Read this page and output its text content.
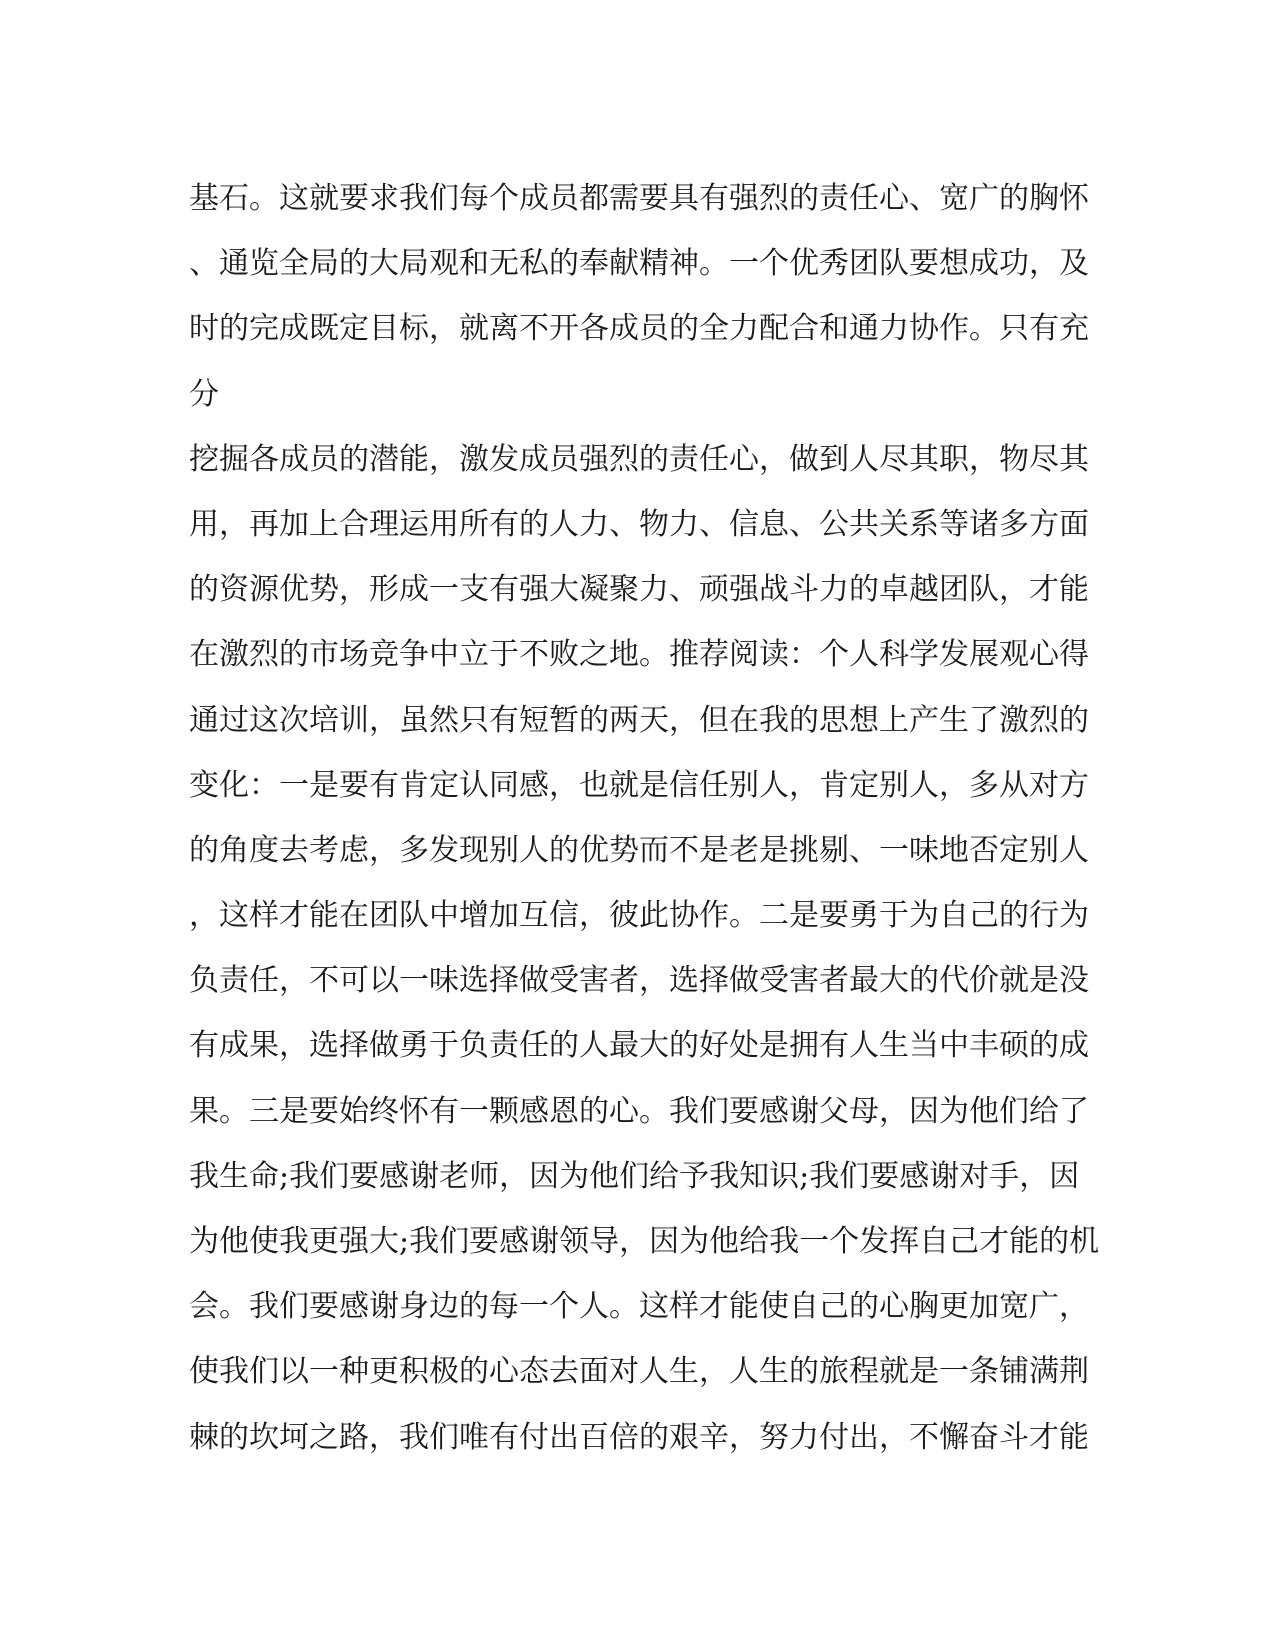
基石。这就要求我们每个成员都需要具有强烈的责任心、宽广的胸怀
、通览全局的大局观和无私的奉献精神。一个优秀团队要想成功，及
时的完成既定目标，就离不开各成员的全力配合和通力协作。只有充
分
挖掘各成员的潜能，激发成员强烈的责任心，做到人尽其职，物尽其
用，再加上合理运用所有的人力、物力、信息、公共关系等诸多方面
的资源优势，形成一支有强大凝聚力、顽强战斗力的卓越团队，才能
在激烈的市场竞争中立于不败之地。推荐阅读：个人科学发展观心得
通过这次培训，虽然只有短暂的两天，但在我的思想上产生了激烈的
变化：一是要有肯定认同感，也就是信任别人，肯定别人，多从对方
的角度去考虑，多发现别人的优势而不是老是挑剔、一味地否定别人
，这样才能在团队中增加互信，彼此协作。二是要勇于为自己的行为
负责任，不可以一味选择做受害者，选择做受害者最大的代价就是没
有成果，选择做勇于负责任的人最大的好处是拥有人生当中丰硕的成
果。三是要始终怀有一颗感恩的心。我们要感谢父母，因为他们给了
我生命;我们要感谢老师，因为他们给予我知识;我们要感谢对手，因
为他使我更强大;我们要感谢领导，因为他给我一个发挥自己才能的机
会。我们要感谢身边的每一个人。这样才能使自己的心胸更加宽广，
使我们以一种更积极的心态去面对人生，人生的旅程就是一条铺满荆
棘的坎坷之路，我们唯有付出百倍的艰辛，努力付出，不懈奋斗才能
